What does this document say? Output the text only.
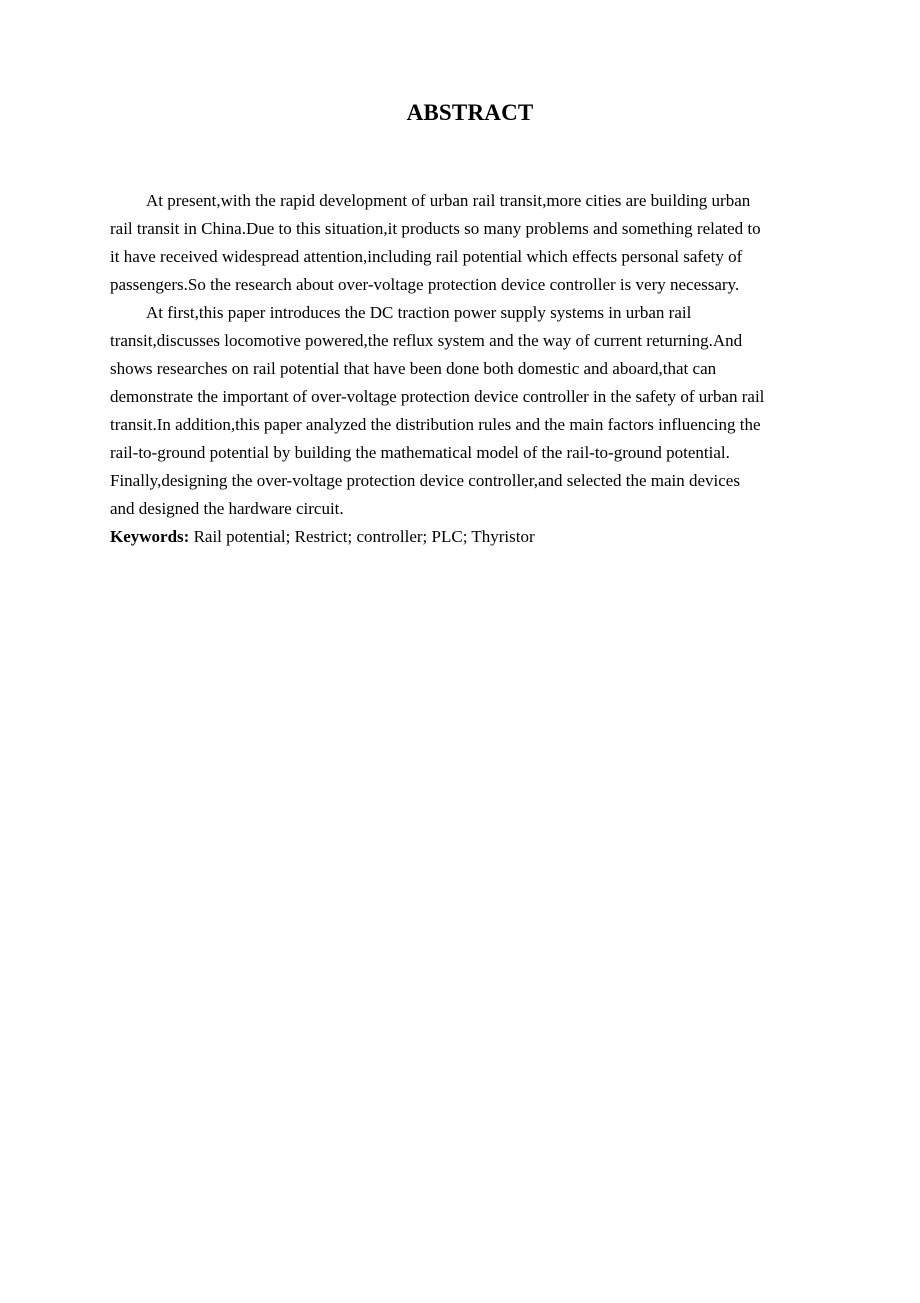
ABSTRACT
At present,with the rapid development of urban rail transit,more cities are building urban
rail transit in China.Due to this situation,it products so many problems and something related to
it have received widespread attention,including rail potential which effects personal safety of
passengers.So the research about over-voltage protection device controller is very necessary.
At first,this paper introduces the DC traction power supply systems in urban rail
transit,discusses locomotive powered,the reflux system and the way of current returning.And
shows researches on rail potential that have been done both domestic and aboard,that can
demonstrate the important of over-voltage protection device controller in the safety of urban rail
transit.In addition,this paper analyzed the distribution rules and the main factors influencing the
rail-to-ground potential by building the mathematical model of the rail-to-ground potential.
Finally,designing the over-voltage protection device controller,and selected the main devices
and designed the hardware circuit.
Keywords: Rail potential; Restrict; controller; PLC; Thyristor
